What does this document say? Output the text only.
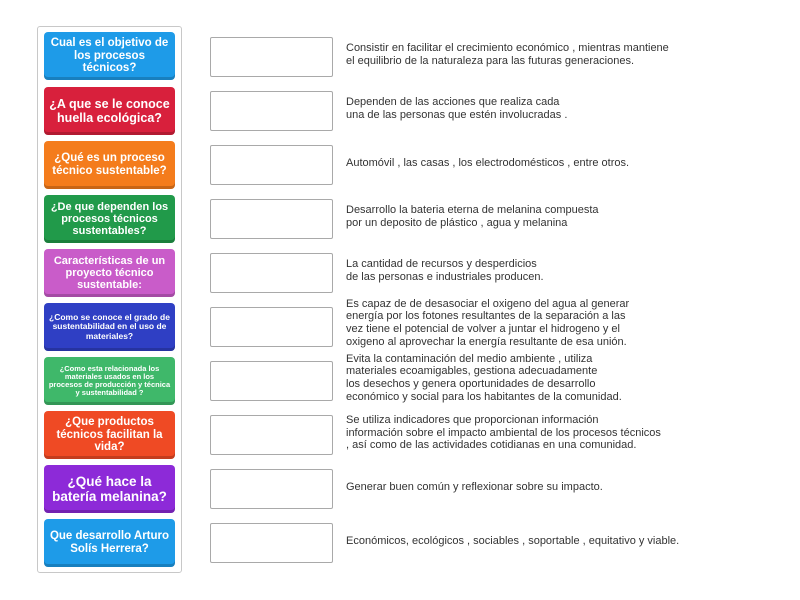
Cual es el objetivo de los procesos técnicos?
¿A que se le conoce huella ecológica?
¿Qué es un proceso técnico sustentable?
¿De que dependen los procesos técnicos sustentables?
Características de un proyecto técnico sustentable:
¿Como se conoce el grado de sustentabilidad en el uso de materiales?
¿Como esta relacionada los materiales usados en los procesos de producción y técnica y sustentabilidad ?
¿Que productos técnicos facilitan la vida?
¿Qué hace la batería melanina?
Que desarrollo Arturo Solís Herrera?
Consistir en facilitar el crecimiento económico , mientras mantiene
el equilibrio de la naturaleza para las futuras generaciones.
Dependen de las acciones que realiza cada
una de las personas que estén involucradas .
Automóvil , las casas , los electrodomésticos , entre otros.
Desarrollo la bateria eterna de melanina compuesta
por un deposito de plástico , agua y melanina
La cantidad de recursos y desperdicios
de las personas e industriales producen.
Es capaz de de desasociar el oxigeno del agua al generar
energía por los fotones resultantes de la separación a las
vez tiene el potencial de volver a juntar el hidrogeno y el
oxigeno al aprovechar la energía resultante de esa unión.
Evita la contaminación del medio ambiente , utiliza
materiales ecoamigables, gestiona adecuadamente
los desechos y genera oportunidades de desarrollo
económico y social para los habitantes de la comunidad.
Se utiliza indicadores que proporcionan información
información sobre el impacto ambiental de los procesos técnicos
, así como de las actividades cotidianas en una comunidad.
Generar buen común y reflexionar sobre su impacto.
Económicos, ecológicos , sociables , soportable , equitativo y viable.
